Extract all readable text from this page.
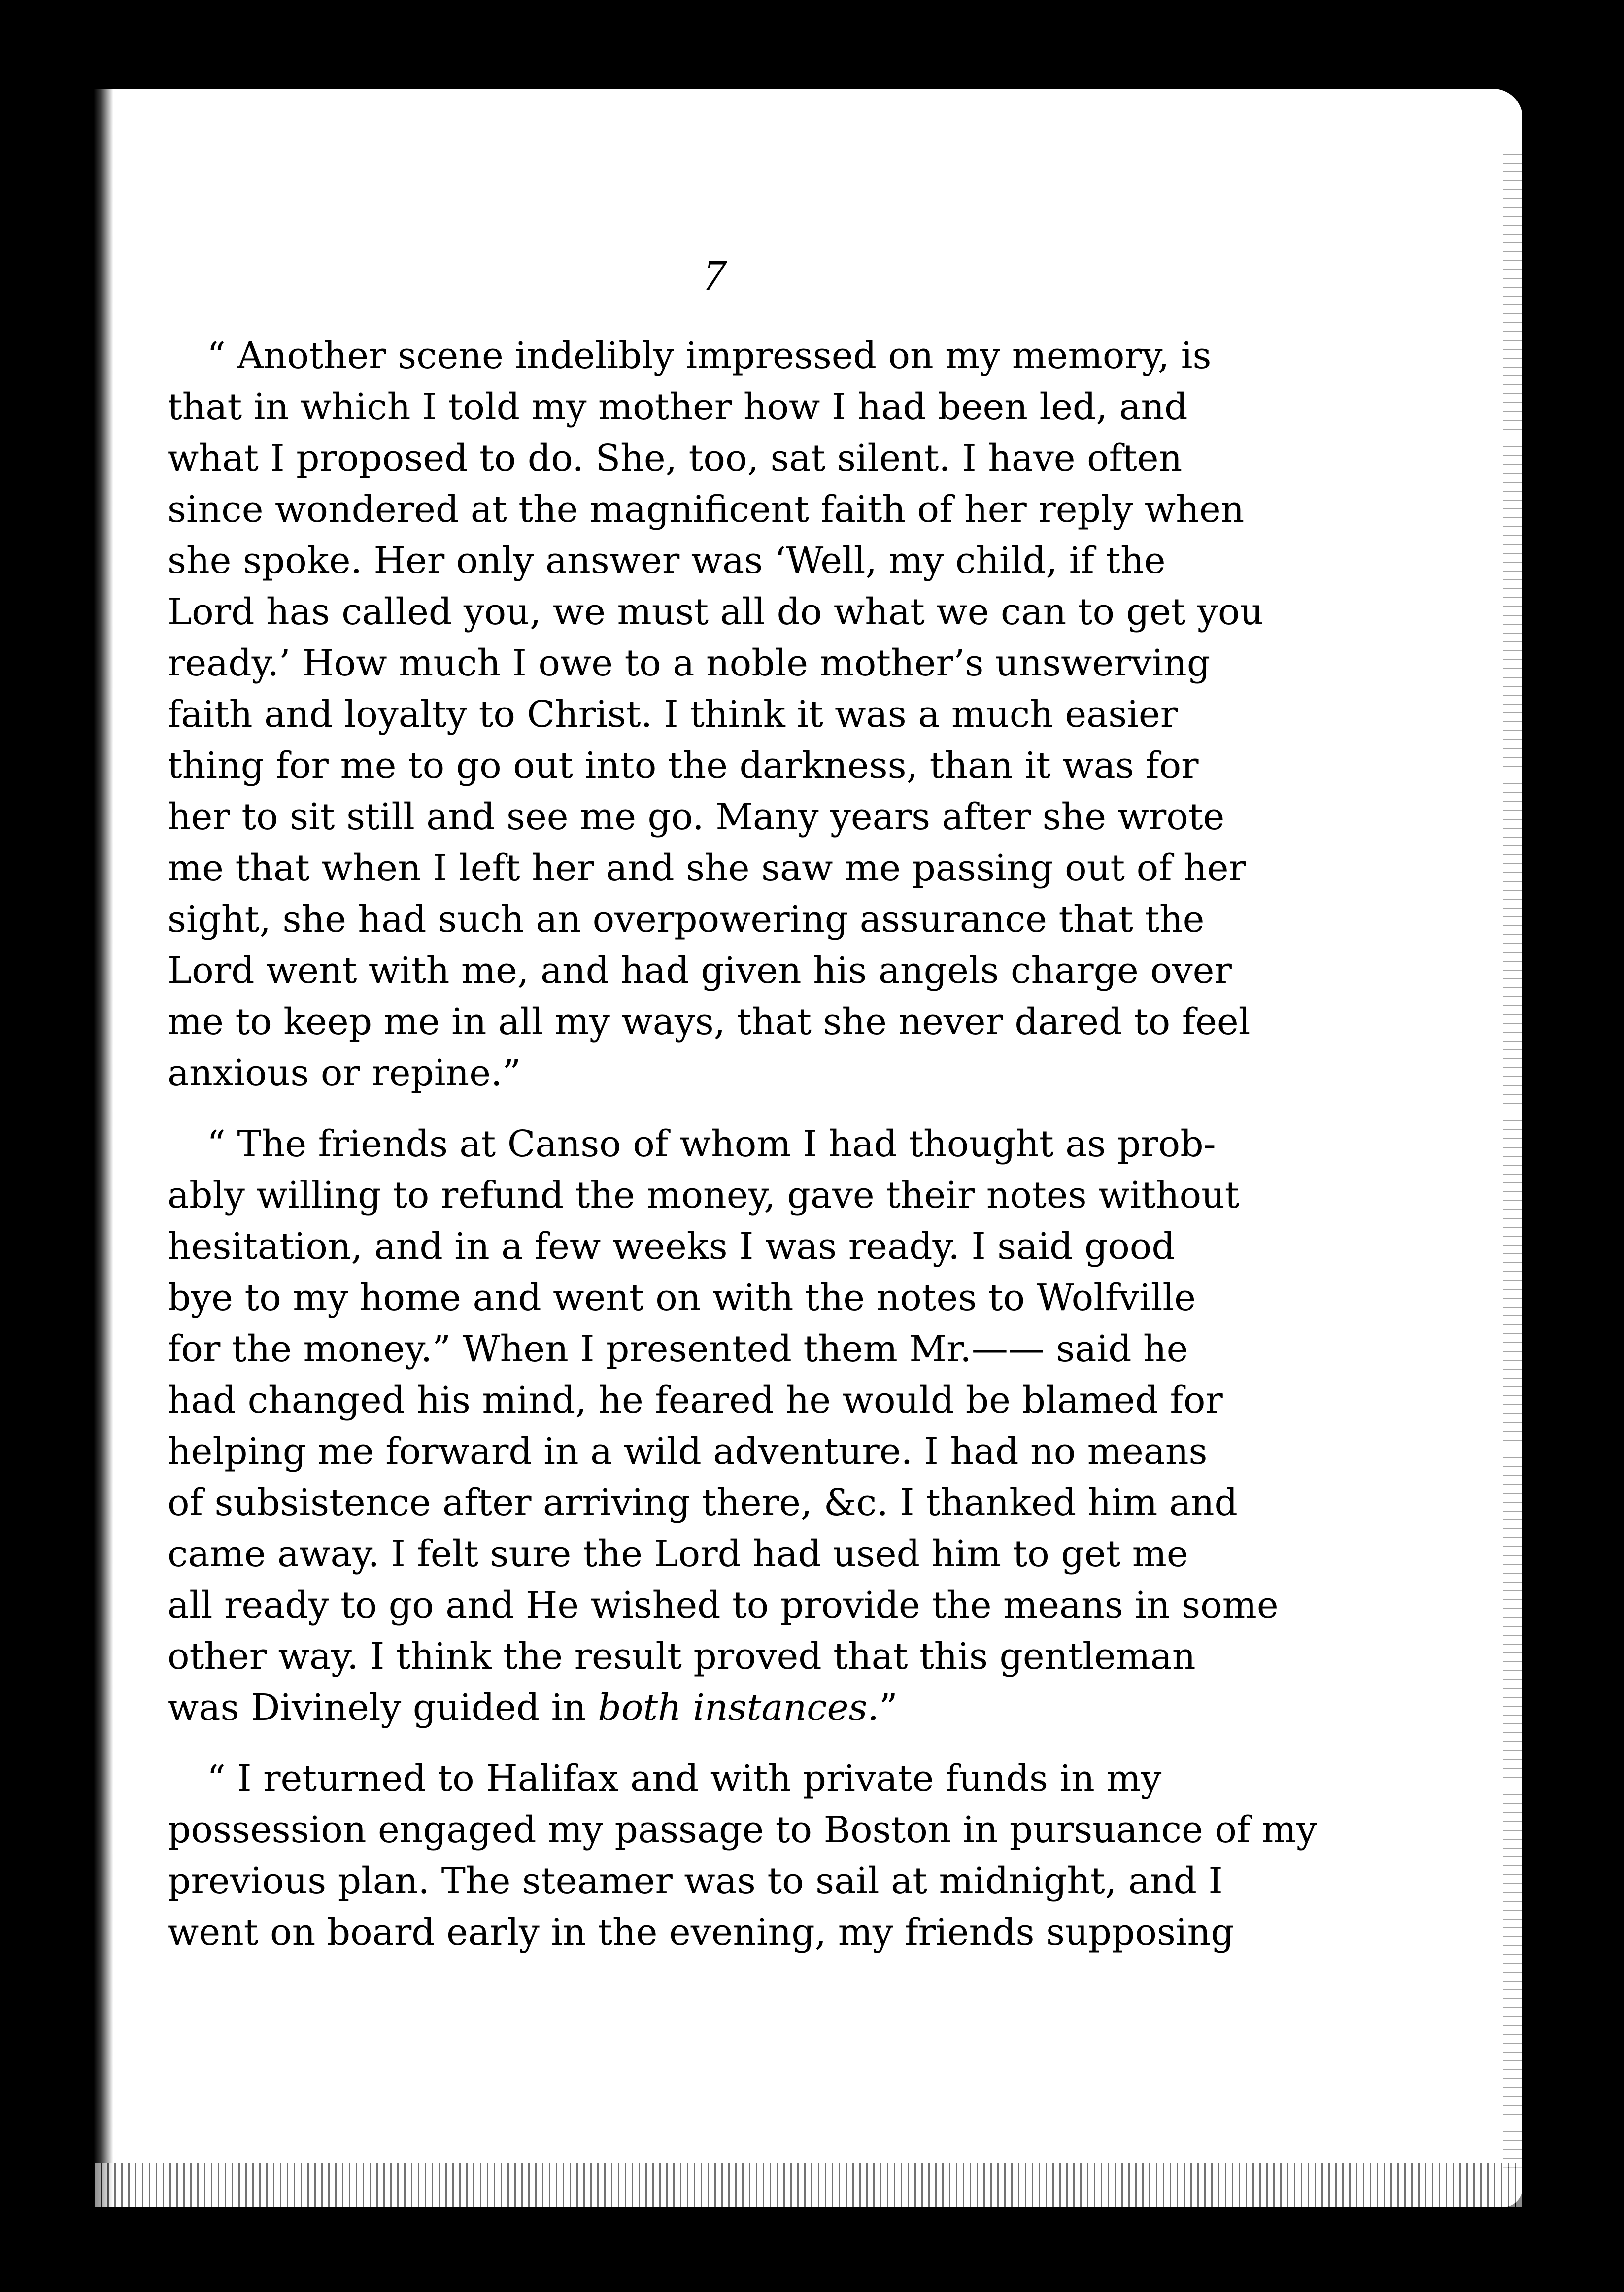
7

“ Another scene indelibly impressed on my memory, is
that in which I told my mother how I had been led, and
what I proposed to do. She, too, sat silent. I have often
since wondered at the magnificent faith of her reply when
she spoke. Her only answer was ‘Well, my child, if the
Lord has called you, we must all do what we can to get you
ready.’ How much I owe to a noble mother’s unswerving
faith and loyalty to Christ. I think it was a much easier
thing for me to go out into the darkness, than it was for
her to sit still and see me go. Many years after she wrote
me that when I left her and she saw me passing out of her
sight, she had such an overpowering assurance that the
Lord went with me, and had given his angels charge over
me to keep me in all my ways, that she never dared to feel
anxious or repine.”

“ The friends at Canso of whom I had thought as prob-
ably willing to refund the money, gave their notes without
hesitation, and in a few weeks I was ready. I said good
bye to my home and went on with the notes to Wolfville
for the money.” When I presented them Mr.—— said he
had changed his mind, he feared he would be blamed for
helping me forward in a wild adventure. I had no means
of subsistence after arriving there, &c. I thanked him and
came away. I felt sure the Lord had used him to get me
all ready to go and He wished to provide the means in some
other way. I think the result proved that this gentleman
was Divinely guided in both instances.”

“ I returned to Halifax and with private funds in my
possession engaged my passage to Boston in pursuance of my
previous plan. The steamer was to sail at midnight, and I
went on board early in the evening, my friends supposing
